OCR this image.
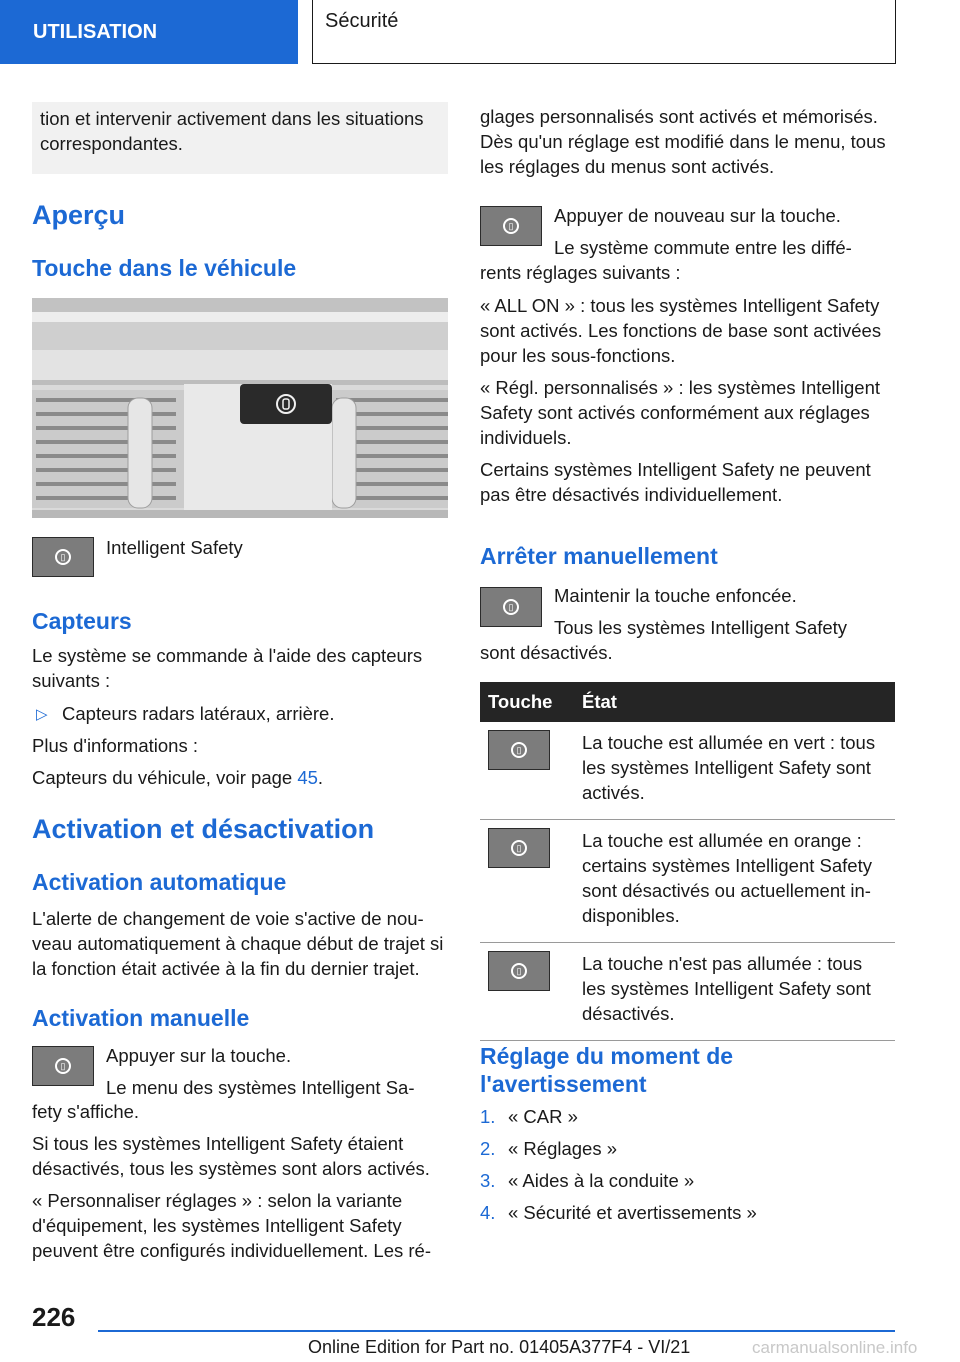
UTILISATION	Sécurité

tion et intervenir activement dans les situations correspondantes.

Aperçu
Touche dans le véhicule
▯ Intelligent Safety

Capteurs

Le système se commande à l'aide des capteurs suivants :

▷ Capteurs radars latéraux, arrière.

Plus d'informations :

Capteurs du véhicule, voir page 45.

Activation et désactivation
Activation automatique

L'alerte de changement de voie s'active de nou‐veau automatiquement à chaque début de trajet si la fonction était activée à la fin du dernier trajet.

Activation manuelle
▯ Appuyer sur la touche.

Le menu des systèmes Intelligent Sa‐

fety s'affiche.

Si tous les systèmes Intelligent Safety étaient désactivés, tous les systèmes sont alors activés.

« Personnaliser réglages » : selon la variante d'équipement, les systèmes Intelligent Safety peuvent être configurés individuellement. Les ré‐

glages personnalisés sont activés et mémorisés. Dès qu'un réglage est modifié dans le menu, tous les réglages du menus sont activés.

▯ Appuyer de nouveau sur la touche.

Le système commute entre les diffé‐

rents réglages suivants :

« ALL ON » : tous les systèmes Intelligent Safety sont activés. Les fonctions de base sont activées pour les sous-fonctions.

« Régl. personnalisés » : les systèmes Intelligent Safety sont activés conformément aux réglages individuels.

Certains systèmes Intelligent Safety ne peuvent pas être désactivés individuellement.

Arrêter manuellement
▯

Maintenir la touche enfoncée.

Tous les systèmes Intelligent Safety

sont désactivés.

Touche	État

▯	La touche est allumée en vert : tous les systèmes Intelligent Safety sont activés.

▯	La touche est allumée en orange : certains systèmes Intelligent Safety sont désactivés ou actuellement in‐disponibles.

▯	La touche n'est pas allumée : tous les systèmes Intelligent Safety sont désactivés.
Réglage du moment de l'avertissement

1. « CAR »

2. « Réglages »

3. « Aides à la conduite »

4. « Sécurité et avertissements »

226
Online Edition for Part no. 01405A377F4 - VI/21	carmanualsonline.info
